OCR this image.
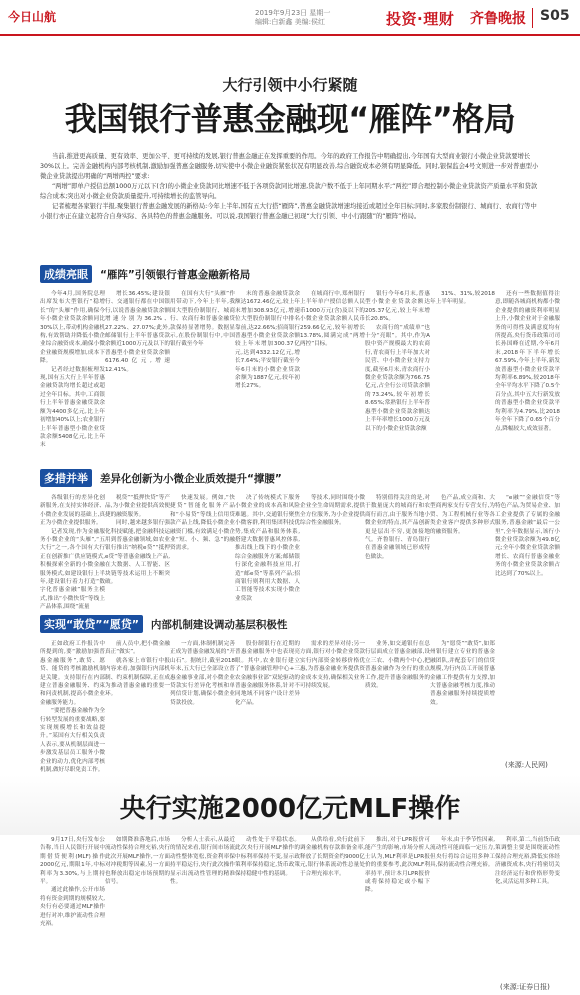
今日山航	2019年9月23日 星期一
编辑:白新鑫 美编:侯红	投资·理财 齐鲁晚报	S05
大行引领中小行紧随
我国银行普惠金融现“雁阵”格局

当前,推进更高质量、更有效率、更加公平、更可持续的发展,银行普惠金融正在发挥重要的作用。今年的政府工作报告中明确提出,今年国有大型商业银行小微企业贷款要增长30%以上。完善金融机构内部考核机制,激励加强普惠金融服务,切实使中小微企业融资紧张状况有明显改善,综合融资成本必须有明显降低。同时,银保监会4号文则进一步对普惠型小微企业贷款提出明确的“两增两控”要求:

“两增”即单户授信总额1000万元以下(含)的小微企业贷款同比增速不低于各项贷款同比增速,贷款户数不低于上年同期水平;“两控”即合理控制小微企业贷款资产质量水平和贷款综合成本;突出对小微企业贷款质量提升,可持续增长的监管导向。

记者梳理各家银行半报,聚集银行普惠金融发展的新格局:今年上半年,国有五大行搭“雁阵”,普惠金融贷款增速均接近或超过全年目标;同时,多家股份制银行、城商行、农商行等中小银行亦正在建立起符合自身实际、各具特色的普惠金融服务。可以说,我国银行普惠金融已初现“大行引领、中小行跟随”的“雁阵”格局。

成绩亮眼	“雁阵”引领银行普惠金融新格局

今年4月,国务院总理出席发布大型银行“稳增长”的“头雁”作用,确保今年小微企业贷款余额同比30%以上,带动机构金融机构,有效帮助并降低小微企业综合融资成本,确保小微企业融资规模增加,成本下降。

记者经过数据梳理发现,国有五大行上半年普惠金融贷款均增长超过或超过全年目标。其中,工商银行上半年普惠金融贷款余额为4400多亿元,比上年初增加40%以上;农业银行上半年普惠型小微企业贷款余额5408亿元,比上年末

增长36.45%;建设银行、交通银行都在中国银行,以说普惠金融贷款余额增速分别为36.2%、27.22%、27.07%;此外,邮储银行上半年普惠贷款余额近1000万元及以下的普惠型小微企业贷款余额6176.40亿元,增速12.41%。

在国有大行“头雁”作用带动下,今年上半年,我国大型股份制银行、城商行、农商行和普惠金融贷款保持显著增势。数据显示,在股份制银行中,中国银行截至今年

末的普惠金融贷款余额达1672.46亿元,较上年末增加308.93亿元,增速位大型股份制银行中排名靠前,达22.66%;招商银行普惠型小微企业贷款余额较上年末增加300.37亿元,达到4332.12亿元,增长7.64%;平安银行截至今年6月末的小微企业贷款余额为1887亿元,较年初增长27%。

在城商行中,郑州银行上半年单户授信总额人民币1000万元(含)及以下的小微企业贷款余额人民币259.66亿元,较年初增长13.78%,圆满完成“两增两控”目标。

银行今年6月末,普惠型小微企业贷款余额达205.37亿元,较上年末增长20.8%。

农商行的“成绩单”也十分“亮眼”。其中,作为A股中资产规模最大的农商行,青农商行上半年加大对民营、中小微企业支持力度,截至6月末,青农商行小微企业贷款余额为766.75亿元,占全行公司贷款余额的73.24%,较年初增长8.65%;常熟银行上半年普惠型小微企业贷款余额达上半年率增长1000万元及以下的小微企业贷款余额

31%、31%,较2018年上半年明显。

还有一些数据值得注意,即随各城商机构都小微企业提供的融资利率明显上升,小微企业对于金融服务的可得性及满意度均有所提高,央行货币政策司司长孙国峰在近期,今年6月末,2018年下半年增长67.59%,今年上半年,新发放普惠型小微企业贷款平均利率6.89%,较2018年全年平均水平下降了0.5个百分点,其中五大行新发放的普惠型小微企业贷款平均利率为4.79%,比2018年全年下降了0.65个百分点,降幅较大,成效显著。

多措并举	差异化创新为小微企业质效提升“撑腰”

各级银行的差异化创新服务,在支持实体经济、小微企业发展的基础上,真正为小微企业提供服务。

记者发现,作为金融服务小微企业的“头雁”,“五大行”之一,各个国有大行正在创新推广供应链模式,积极探索全新的小微金融服务模式,如建设银行上半年,建设银行着力打造“数字化普惠金融”服务主模式,推出“小微快贷”等线上产品体系,围绕“流量

税贷”“抵押快贷”等产品,为小微企业提供高效便捷的融资服务。

同时,越来越多银行强化科技赋能,把金融科技运用到普惠金融领域,如农业银行推出“纳税e贷”“抵押e贷”等普惠金融线上产品,在大数据、人工智能、区块链等技术运用上不断突破。

快速发展。例如,“快捷贷”智能化服务产品和“小易贷”等线上信用贷款产品上线,降低小微企业融资门槛,有效满足小微企业“短、小、频、急”的融资需求。

决了传统模式下服务小微企业的成本高和风险难题。其中,交通银行聚焦小微客群,利用集团科技优势,集成产品和服务体系,搭建大数据普惠风控体系,推出线上线下的小微企业综合金融服务方案;邮储银行深化金融科技应用,打造“邮e贷”等系列产品;招商银行则利用大数据、人工智能等技术实现小微企业贷款

等技术,同时围绕小微企业全生命周期需求,提供全方位服务,为小企业提供综合性金融服务。

特别值得关注的是,对于数量庞大的城商行和农商行而言,由于服务当地小微企业的特点,其产品创新更是层出不穷,更加接地气。齐鲁银行、青岛银行在普惠金融领域已形成特色做法。

色产品,成立商和、大型商两家支行专营支行,为贸、为工程机械行业等各类企业客户提供多种形式的融资服务。

“e融”“金融信贷”等特色产品,为贸易企业、加工企业提供了专属的金融服务,普惠金融“最后一公里”,全年数据显示,该行小微企业贷款余额为49.8亿元;全年小微企业贷款余额增长、农商行普惠金融业务的小微企业贷款余额占比达到了70%以上。

实现“敢贷”“愿贷”	内部机制建设调动基层积极性

正如政府工作报告中所提到的,要“激励加强普惠金融服务”,敢贷、愿贷、能贷的考核激励机制是关键。支持银行在内部建立普惠金融服务、约束和问责机制,提高小微企业金融服务能力。

“要把普惠金融作为全行转型发展的重要战略,要实现规模增长和效益提升。”某国有大行相关负责人表示,要从机制层面进一步激发基层员工服务小微企业的动力,优化内部考核机制,做好尽职免责工作。

前人员中,把小微金融真正“做实”。

就各家上市银行中报内容来看,加强银行内部机制、约束机制保障,正在成为推动普惠金融的重要一环。

一方面,体制机制完善正成为普惠金融发展的“开山石”。据统计,截至2018年末,五大行已全部设立普惠金融事业部,对小微企业贷款实行差异化考核和单列信贷计划,确保小微企业贷款投放。

股份制银行在近期的普惠金融服务中也表现亮眼。其中,农业银行建立了“普惠金融管理中心+三农金融事业部”双轮驱动的普惠金融服务体系,针对不同地域不同客户设计差异化产品。

需求的差异对待;另一方面,银行对小微企业贷款实行内部资金转移价格优惠,为普惠金融业务提供资金成本支持,确保相关业务可持续发展。

业务,如交通银行在总行层面成立普惠金融部,设立三农、小微两个中心,把普惠金融作为全行的重点工作,提升普惠金融服务的质效。

为“愿贷”“敢贷”,如郑州银行建立专业的普惠金融团队,并配套专门的信贷规模,为行内员工开展普惠金融工作提供有力支撑,加大普惠金融考核力度,推动普惠金融服务持续提质增效。

(来源:人民网)
央行实施2000亿元MLF操作

9月17日,央行发布公告称,当日人民银行开展中期借贷便利(MLF)操作2000亿元,期限1年,中标利率为3.30%,与上期持平。

通过此操作,公开市场将有资金到期的规模较大,央行有必要通过MLF操作进行对冲,维护流动性合理充裕。

如期降准落地后,市场流动性保持合理充裕,央行此次开展MLF操作,一方面对冲税期等因素,另一方面也释放出稳定市场预期的信号。

分析人士表示,从最近的情况来看,银行间市场流动性整体宽松,资金利率保持平稳运行,央行此次操作显示出流动性管理的精准性。

动性处于平稳状态。此次央行开展MLF操作的中标利率保持不变,显示政策利率保持稳定,货币政策保持稳健中性的基调。

从供给看,央行此前下调金融机构存款准备金率,释放了长期资金约9000亿元,银行体系流动性总量处于合理充裕水平。

推出,对于LPR报价可能产生的影响,市场分析人士认为,MLF利率是LPR报价的重要参考,此次MLF利率持平,预计本月LPR报价或将保持稳定或小幅下降。

年末,由于季节性因素,流动性可能面临一定压力,但央行将综合运用多种工具,保持流动性合理充裕。

利率,第二,当前货币政策调整主要是围绕流动性保持合理充裕,降低实体经济融资成本,央行将密切关注经济运行和价格形势变化,灵活运用多种工具。

(来源:证券日报)
